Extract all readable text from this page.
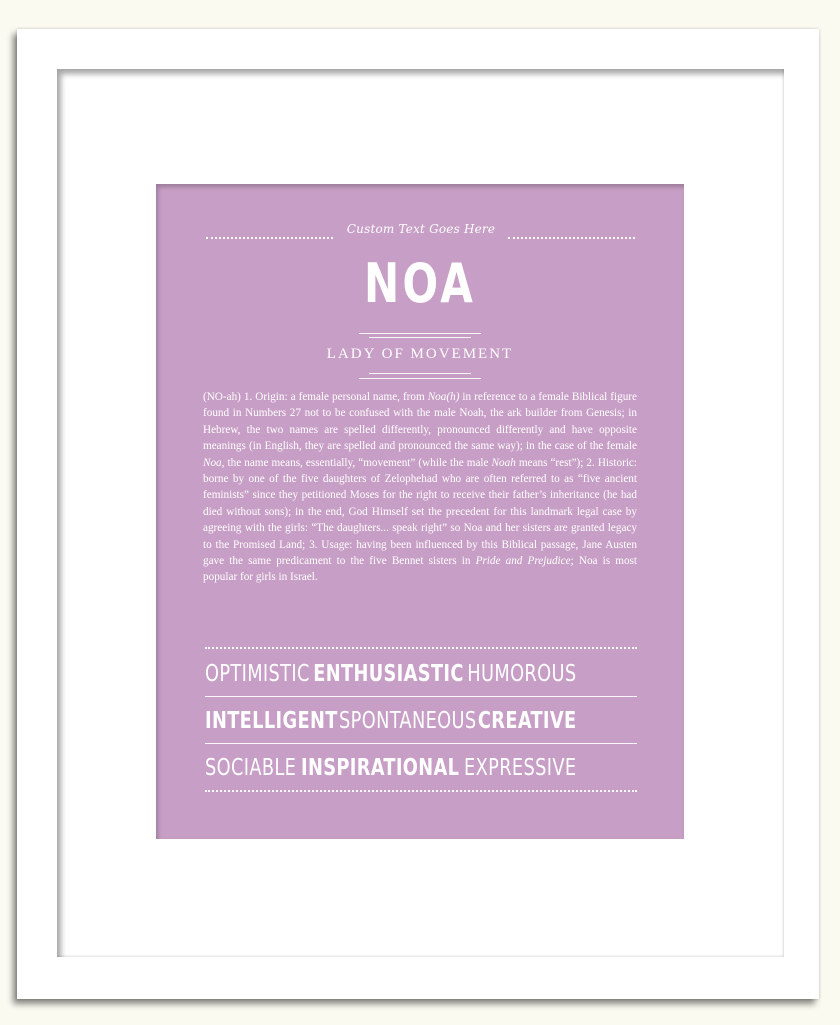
Custom Text Goes Here
NOA
LADY OF MOVEMENT
(NO-ah) 1. Origin: a female personal name, from Noa(h) in reference to a female Biblical figure found in Numbers 27 not to be confused with the male Noah, the ark builder from Genesis; in Hebrew, the two names are spelled differently, pronounced differently and have opposite meanings (in English, they are spelled and pronounced the same way); in the case of the female Noa, the name means, essentially, “movement” (while the male Noah means “rest”); 2. Historic: borne by one of the five daughters of Zelophehad who are often referred to as “five ancient feminists” since they petitioned Moses for the right to receive their father’s inheritance (he had died without sons); in the end, God Himself set the precedent for this landmark legal case by agreeing with the girls: “The daughters... speak right” so Noa and her sisters are granted legacy to the Promised Land; 3. Usage: having been influenced by this Biblical passage, Jane Austen gave the same predicament to the five Bennet sisters in Pride and Prejudice; Noa is most popular for girls in Israel.
OPTIMISTIC ENTHUSIASTIC HUMOROUS
INTELLIGENT SPONTANEOUS CREATIVE
SOCIABLE INSPIRATIONAL EXPRESSIVE
